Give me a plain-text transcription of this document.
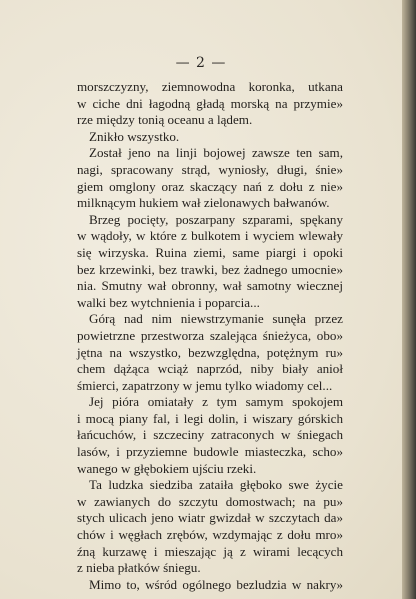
— 2 —
morszczyzny, ziemnowodna koronka, utkana
w ciche dni łagodną gładą morską na przymie»
rze między tonią oceanu a lądem.
Znikło wszystko.
Został jeno na linji bojowej zawsze ten sam,
nagi, sprаcowany strąd, wyniosły, długi, śnie»
giem omglony oraz skaczący nań z dołu z nie»
milknącym hukiem wał zielonawych bałwanów.
Brzeg pocięty, poszarpany szparami, spękany
w wądoły, w które z bulkotem i wyciem wlewały
się wirzyska. Ruina ziemi, same piargi i opoki
bez krzewinki, bez trawki, bez żadnego umocnie»
nia. Smutny wał obronny, wał samotny wiecznej
walki bez wytchnienia i poparcia...
Górą nad nim niewstrzymanie sunęła przez
powietrzne przestworza szalejąca śnieżyca, obo»
jętna na wszystko, bezwzględna, potężnym ru»
chem dążąca wciąż naprzód, niby biały anioł
śmierci, zapatrzony w jemu tylko wiadomy cel...
Jej pióra omiatały z tym samym spokojem
i mocą piany fal, i legi dolin, i wiszary górskich
łańcuchów, i szczeciny zatraconych w śniegach
lasów, i przyziemne budowle miasteczka, scho»
wanego w głębokiem ujściu rzeki.
Ta ludzka siedziba zataiła głęboko swe życie
w zawianych do szczytu domostwach; na pu»
stych ulicach jeno wiatr gwizdał w szczytach da»
chów i węgłach zrębów, wzdymając z dołu mro»
źną kurzawę i mieszając ją z wirami lecących
z nieba płatków śniegu.
Mimo to, wśród ogólnego bezludzia w nakry»
